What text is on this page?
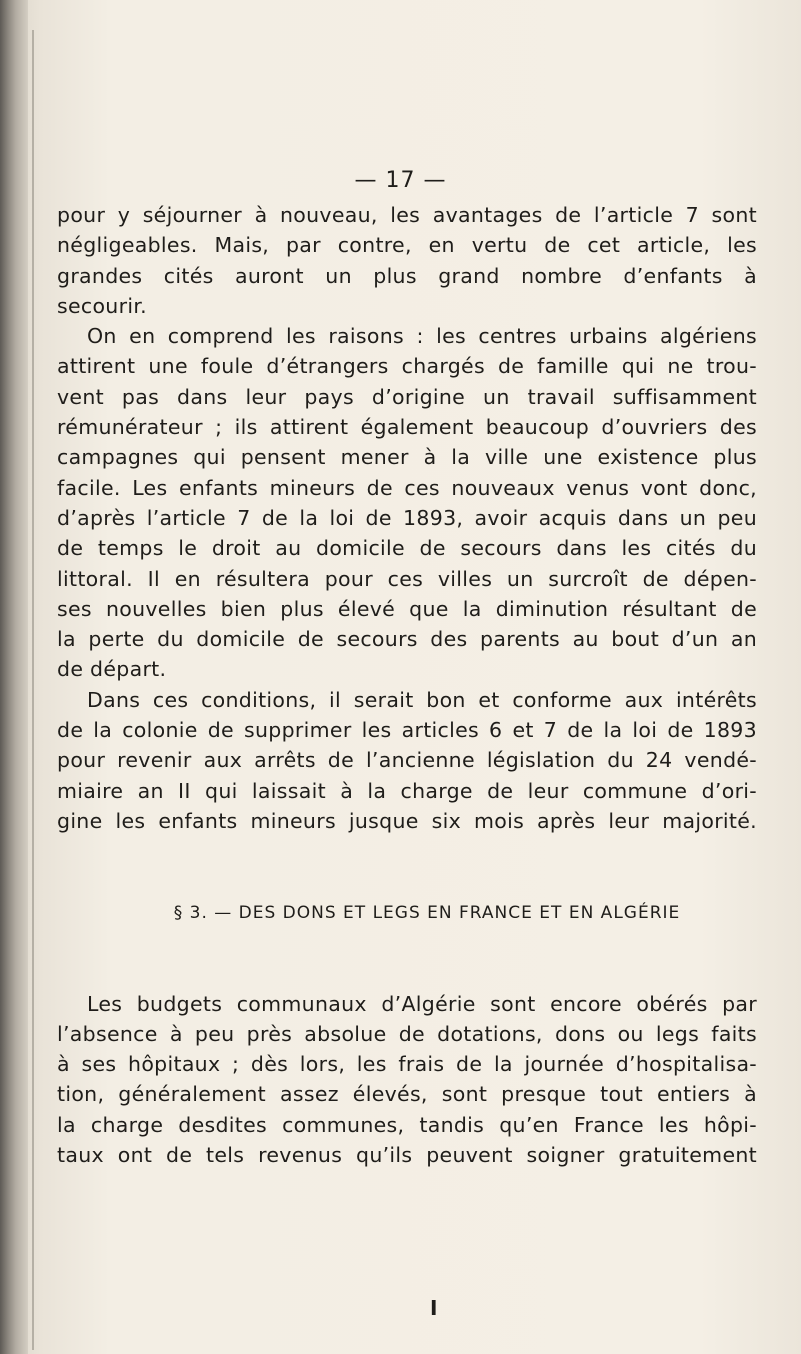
— 17 —

pour y séjourner à nouveau, les avantages de l’article 7 sont
négligeables. Mais, par contre, en vertu de cet article, les
grandes cités auront un plus grand nombre d’enfants à

secourir.

On en comprend les raisons : les centres urbains algériens

attirent une foule d’étrangers chargés de famille qui ne trou-
vent pas dans leur pays d’origine un travail suffisamment
rémunérateur ; ils attirent également beaucoup d’ouvriers des
campagnes qui pensent mener à la ville une existence plus
facile. Les enfants mineurs de ces nouveaux venus vont donc,
d’après l’article 7 de la loi de 1893, avoir acquis dans un peu
de temps le droit au domicile de secours dans les cités du
littoral. Il en résultera pour ces villes un surcroît de dépen-
ses nouvelles bien plus élevé que la diminution résultant de
la perte du domicile de secours des parents au bout d’un an

de départ.

Dans ces conditions, il serait bon et conforme aux intérêts

de la colonie de supprimer les articles 6 et 7 de la loi de 1893
pour revenir aux arrêts de l’ancienne législation du 24 vendé-
miaire an II qui laissait à la charge de leur commune d’ori-
gine les enfants mineurs jusque six mois après leur majorité.

§ 3. — DES DONS ET LEGS EN FRANCE ET EN ALGÉRIE

Les budgets communaux d’Algérie sont encore obérés par

l’absence à peu près absolue de dotations, dons ou legs faits
à ses hôpitaux ; dès lors, les frais de la journée d’hospitalisa-
tion, généralement assez élevés, sont presque tout entiers à
la charge desdites communes, tandis qu’en France les hôpi-
taux ont de tels revenus qu’ils peuvent soigner gratuitement

I
